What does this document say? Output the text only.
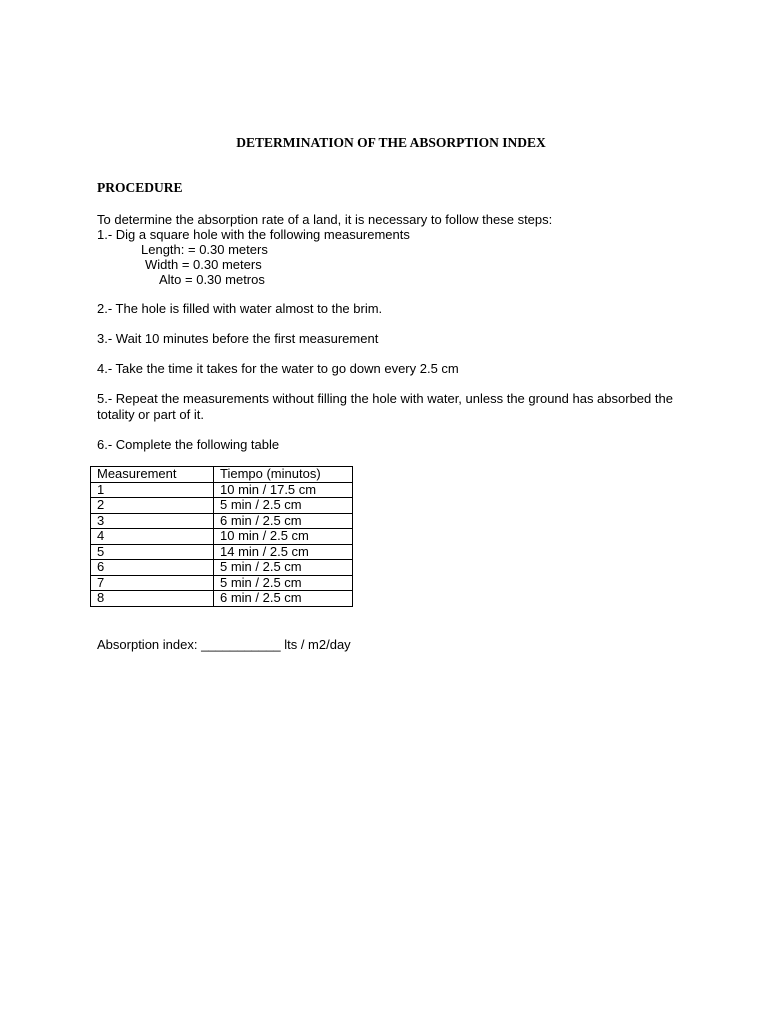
DETERMINATION OF THE ABSORPTION INDEX
PROCEDURE
To determine the absorption rate of a land, it is necessary to follow these steps:
1.- Dig a square hole with the following measurements
Length: = 0.30 meters
Width = 0.30 meters
Alto = 0.30 metros
2.- The hole is filled with water almost to the brim.
3.- Wait 10 minutes before the first measurement
4.- Take the time it takes for the water to go down every 2.5 cm
5.- Repeat the measurements without filling the hole with water, unless the ground has absorbed the totality or part of it.
6.- Complete the following table
Measurement	Tiempo (minutos)
1	10 min / 17.5 cm
2	5 min / 2.5 cm
3	6 min / 2.5 cm
4	10 min / 2.5 cm
5	14 min / 2.5 cm
6	5 min / 2.5 cm
7	5 min / 2.5 cm
8	6 min / 2.5 cm
Absorption index: ___________ lts / m2/day
